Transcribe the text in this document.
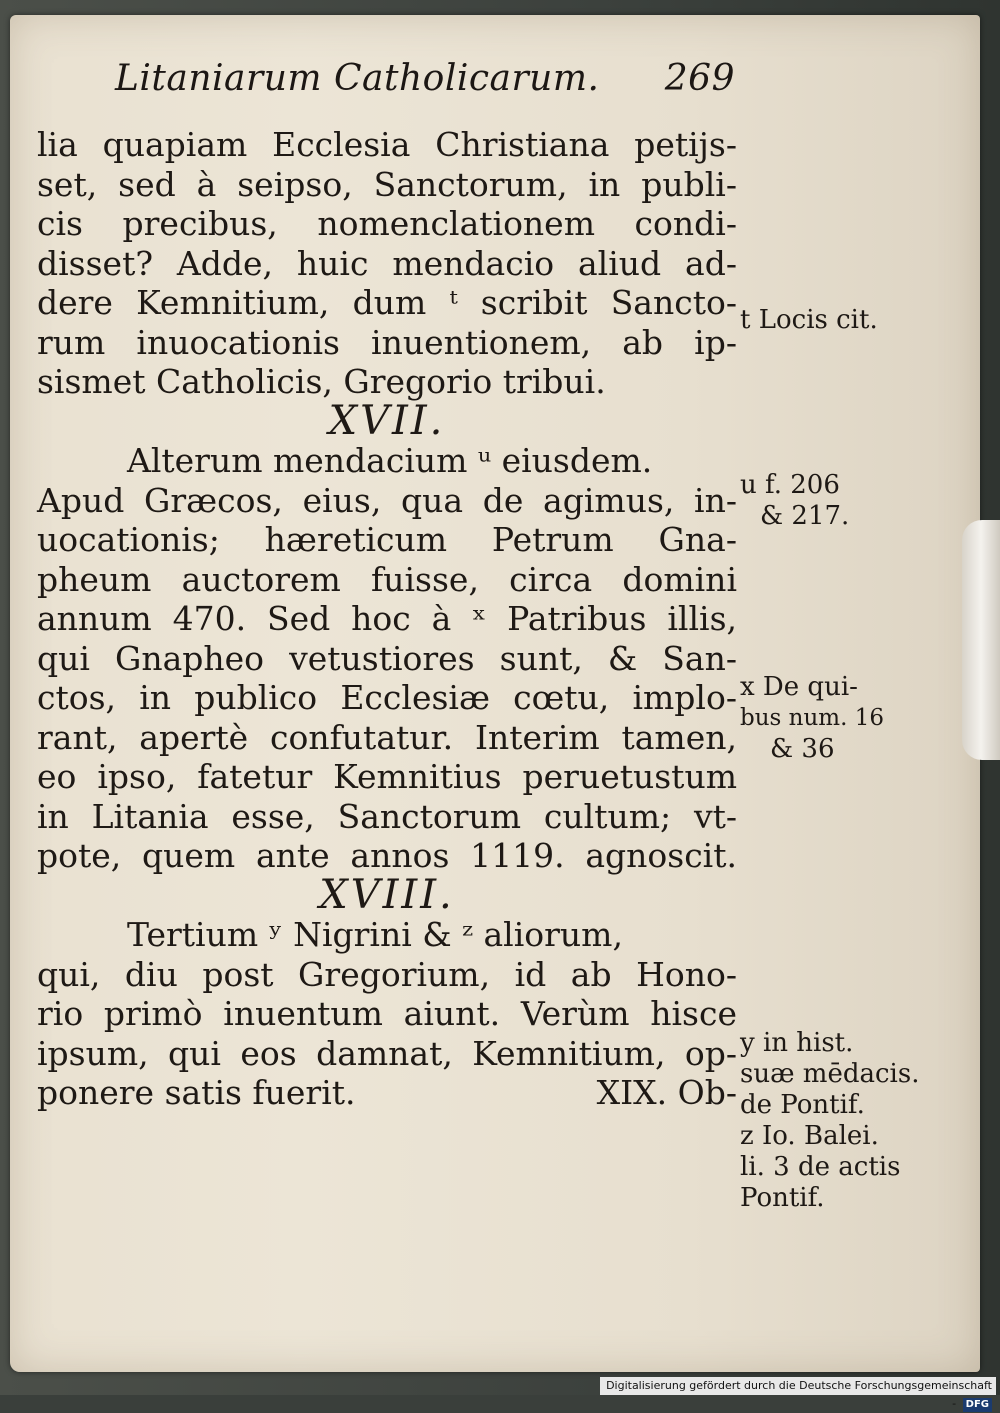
Litaniarum Catholicarum. 269
lia quapiam Ecclesia Christiana petijs-
set, sed à seipso, Sanctorum, in publi-
cis precibus, nomenclationem condi-
disset? Adde, huic mendacio aliud ad-
dere Kemnitium, dum ᵗ scribit Sancto-
rum inuocationis inuentionem, ab ip-
sismet Catholicis, Gregorio tribui.
XVII.
Alterum mendacium ᵘ eiusdem.
Apud Græcos, eius, qua de agimus, in-
uocationis; hæreticum Petrum Gna-
pheum auctorem fuisse, circa domini
annum 470. Sed hoc à ˣ Patribus illis,
qui Gnapheo vetustiores sunt, & San-
ctos, in publico Ecclesiæ cœtu, implo-
rant, apertè confutatur. Interim tamen,
eo ipso, fatetur Kemnitius peruetustum
in Litania esse, Sanctorum cultum; vt-
pote, quem ante annos 1119. agnoscit.
XVIII.
Tertium ʸ Nigrini & ᶻ aliorum,
qui, diu post Gregorium, id ab Hono-
rio primò inuentum aiunt. Verùm hisce
ipsum, qui eos damnat, Kemnitium, op-
ponere satis fuerit.	XIX. Ob-
t Locis cit.
u f. 206
& 217.
x De qui-
bus num. 16
& 36
y in hist.
suæ mēdacis.
de Pontif.
z Io. Balei.
li. 3 de actis
Pontif.
Digitalisierung gefördert durch die Deutsche Forschungsgemeinschaft - DFG
